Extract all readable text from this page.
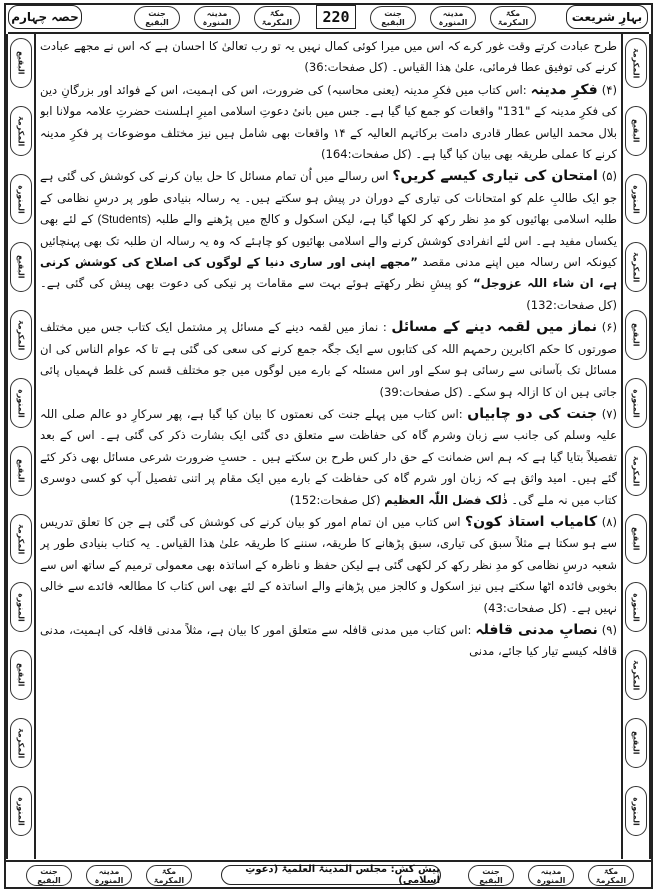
حصہ چہارم	جنت
البقیع
مدینہ
المنورہ
مکۃ
المکرمۃ 220	جنت
البقیع
مدینہ
المنورہ
مکۃ
المکرمۃ	بہارِ شریعت
البقیع
المکرمۃ
المنورہ
البقیع
المکرمۃ
المنورہ
البقیع
المکرمۃ
المنورہ
البقیع
المکرمۃ
المنورہ
المکرمۃ
البقیع
المنورہ
المکرمۃ
البقیع
المنورہ
المکرمۃ
البقیع
المنورہ
المکرمۃ
البقیع
المنورہ

طرح عبادت کرتے وقت غور کرے کہ اس میں میرا کوئی کمال نہیں یہ تو رب تعالیٰ کا احسان ہے کہ اس نے مجھے عبادت کرنے کی توفیق عطا فرمائی، علیٰ ھذا القیاس۔ (کل صفحات:36)

(۴) فکرِ مدینہ :اس کتاب میں فکرِ مدینہ (یعنی محاسبہ) کی ضرورت، اس کی اہمیت، اس کے فوائد اور بزرگانِ دین کی فکرِ مدینہ کے "131" واقعات کو جمع کیا گیا ہے۔ جس میں بانیٔ دعوتِ اسلامی امیرِ اہلسنت حضرتِ علامہ مولانا ابو بلال محمد الیاس عطار قادری دامت برکاتہم العالیہ کے ۱۴ واقعات بھی شامل ہیں نیز مختلف موضوعات پر فکرِ مدینہ کرنے کا عملی طریقہ بھی بیان کیا گیا ہے۔ (کل صفحات:164)

(۵) امتحان کی تیاری کیسے کریں؟ اس رسالے میں اُن تمام مسائل کا حل بیان کرنے کی کوشش کی گئی ہے جو ایک طالبِ علم کو امتحانات کی تیاری کے دوران در پیش ہو سکتے ہیں۔ یہ رسالہ بنیادی طور پر درسِ نظامی کے طلبہ اسلامی بھائیوں کو مدِ نظر رکھ کر لکھا گیا ہے، لیکن اسکول و کالج میں پڑھنے والے طلبہ (Students) کے لئے بھی یکساں مفید ہے۔ اس لئے انفرادی کوشش کرنے والے اسلامی بھائیوں کو چاہئے کہ وہ یہ رسالہ ان طلبہ تک بھی پہنچائیں کیونکہ اس رسالہ میں اپنے مدنی مقصد ”مجھے اپنی اور ساری دنیا کے لوگوں کی اصلاح کی کوشش کرنی ہے، ان شاء اللہ عزوجل“ کو پیشِ نظر رکھتے ہوئے بہت سے مقامات پر نیکی کی دعوت بھی پیش کی گئی ہے۔ (کل صفحات:132)

(۶) نماز میں لقمہ دینے کے مسائل : نماز میں لقمہ دینے کے مسائل پر مشتمل ایک کتاب جس میں مختلف صورتوں کا حکم اکابرین رحمہم اللہ کی کتابوں سے ایک جگہ جمع کرنے کی سعی کی گئی ہے تا کہ عوام الناس کی ان مسائل تک بآسانی سے رسائی ہو سکے اور اس مسئلہ کے بارے میں لوگوں میں جو مختلف قسم کی غلط فہمیاں پائی جاتی ہیں ان کا ازالہ ہو سکے۔ (کل صفحات:39)

(۷) جنت کی دو چابیاں :اس کتاب میں پہلے جنت کی نعمتوں کا بیان کیا گیا ہے، پھر سرکارِ دو عالم صلی اللہ علیہ وسلم کی جانب سے زبان وشرم گاہ کی حفاظت سے متعلق دی گئی ایک بشارت ذکر کی گئی ہے۔ اس کے بعد تفصیلاً بتایا گیا ہے کہ ہم اس ضمانت کے حق دار کس طرح بن سکتے ہیں ۔ حسبِ ضرورت شرعی مسائل بھی ذکر کئے گئے ہیں۔ امید واثق ہے کہ زبان اور شرم گاہ کی حفاظت کے بارے میں ایک مقام پر اتنی تفصیل آپ کو کسی دوسری کتاب میں نہ ملے گی۔ ذٰلک فضل اللّٰہ العظیم (کل صفحات:152)

(۸) کامیاب استاذ کون؟ اس کتاب میں ان تمام امور کو بیان کرنے کی کوشش کی گئی ہے جن کا تعلق تدریس سے ہو سکتا ہے مثلاً سبق کی تیاری، سبق پڑھانے کا طریقہ، سننے کا طریقہ علیٰ ھذا القیاس۔ یہ کتاب بنیادی طور پر شعبہ درسِ نظامی کو مدِ نظر رکھ کر لکھی گئی ہے لیکن حفظ و ناظرہ کے اساتذہ بھی معمولی ترمیم کے ساتھ اس سے بخوبی فائدہ اٹھا سکتے ہیں نیز اسکول و کالجز میں پڑھانے والے اساتذہ کے لئے بھی اس کتاب کا مطالعہ فائدے سے خالی نہیں ہے۔ (کل صفحات:43)

(۹) نصابِ مدنی قافلہ :اس کتاب میں مدنی قافلہ سے متعلق امور کا بیان ہے، مثلاً مدنی قافلہ کی اہمیت، مدنی قافلہ کیسے تیار کیا جائے، مدنی

جنت
البقیع
مدینہ
المنورہ
مکۃ
المکرمۃ
پیش کش: مجلس المدینۃ العلمیۃ (دعوتِ اسلامی)
جنت
البقیع
مدینہ
المنورہ
مکۃ
المکرمۃ
